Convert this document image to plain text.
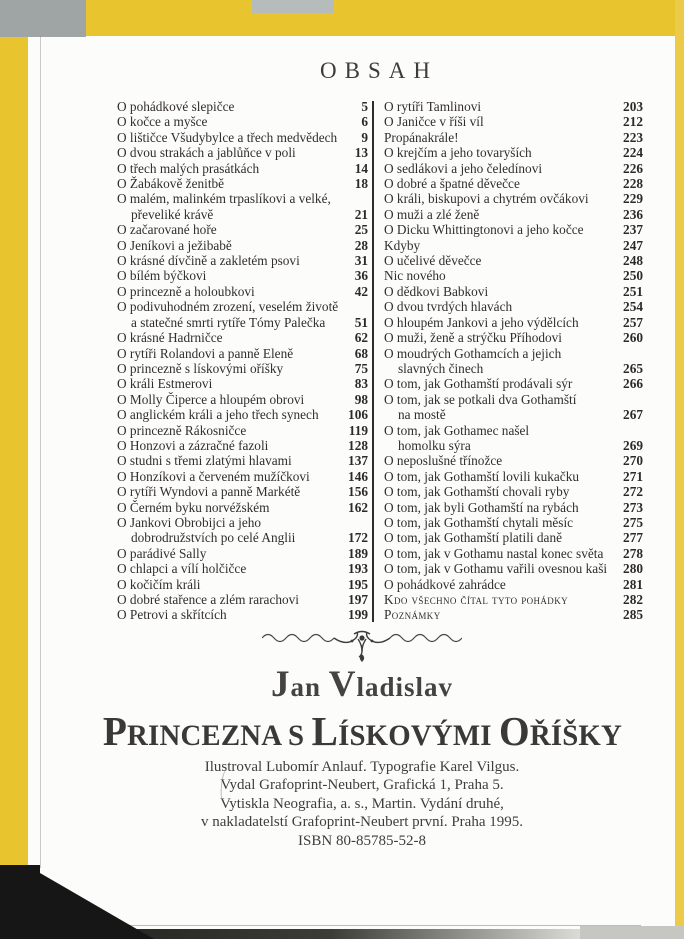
OBSAH
O pohádkové slepičce	5
O kočce a myšce	6
O lištičce Všudybylce a třech medvědech	9
O dvou strakách a jablůňce v poli	13
O třech malých prasátkách	14
O Žabákově ženitbě	18
O malém, malinkém trpaslíkovi a velké,
převeliké krávě	21
O začarované hoře	25
O Jeníkovi a ježibabě	28
O krásné dívčině a zakletém psovi	31
O bílém býčkovi	36
O princezně a holoubkovi	42
O podivuhodném zrození, veselém životě
a statečné smrti rytíře Tómy Palečka	51
O krásné Hadrničce	62
O rytíři Rolandovi a panně Eleně	68
O princezně s lískovými oříšky	75
O králi Estmerovi	83
O Molly Čiperce a hloupém obrovi	98
O anglickém králi a jeho třech synech	106
O princezně Rákosničce	119
O Honzovi a zázračné fazoli	128
O studni s třemi zlatými hlavami	137
O Honzíkovi a červeném mužíčkovi	146
O rytíři Wyndovi a panně Markétě	156
O Černém byku norvéžském	162
O Jankovi Obrobijci a jeho
dobrodružstvích po celé Anglii	172
O parádivé Sally	189
O chlapci a vílí holčičce	193
O kočičím králi	195
O dobré stařence a zlém rarachovi	197
O Petrovi a skřítcích	199
O rytíři Tamlinovi	203
O Janičce v říši víl	212
Propánakrále!	223
O krejčím a jeho tovaryších	224
O sedlákovi a jeho čeledínovi	226
O dobré a špatné děvečce	228
O králi, biskupovi a chytrém ovčákovi	229
O muži a zlé ženě	236
O Dicku Whittingtonovi a jeho kočce	237
Kdyby	247
O učelivé děvečce	248
Nic nového	250
O dědkovi Babkovi	251
O dvou tvrdých hlavách	254
O hloupém Jankovi a jeho výdělcích	257
O muži, ženě a strýčku Příhodovi	260
O moudrých Gothamcích a jejich
slavných činech	265
O tom, jak Gothamští prodávali sýr	266
O tom, jak se potkali dva Gothamští
na mostě	267
O tom, jak Gothamec našel
homolku sýra	269
O neposlušné třínožce	270
O tom, jak Gothamští lovili kukačku	271
O tom, jak Gothamští chovali ryby	272
O tom, jak byli Gothamští na rybách	273
O tom, jak Gothamští chytali měsíc	275
O tom, jak Gothamští platili daně	277
O tom, jak v Gothamu nastal konec světa	278
O tom, jak v Gothamu vařili ovesnou kaši	280
O pohádkové zahrádce	281
Kdo všechno čítal tyto pohádky	282
Poznámky	285
Jan Vladislav
PRINCEZNA S LÍSKOVÝMI OŘÍŠKY
Ilustroval Lubomír Anlauf. Typografie Karel Vilgus.
Vydal Grafoprint-Neubert, Grafická 1, Praha 5.
Vytiskla Neografia, a. s., Martin. Vydání druhé,
v nakladatelstí Grafoprint-Neubert první. Praha 1995.
ISBN 80-85785-52-8
